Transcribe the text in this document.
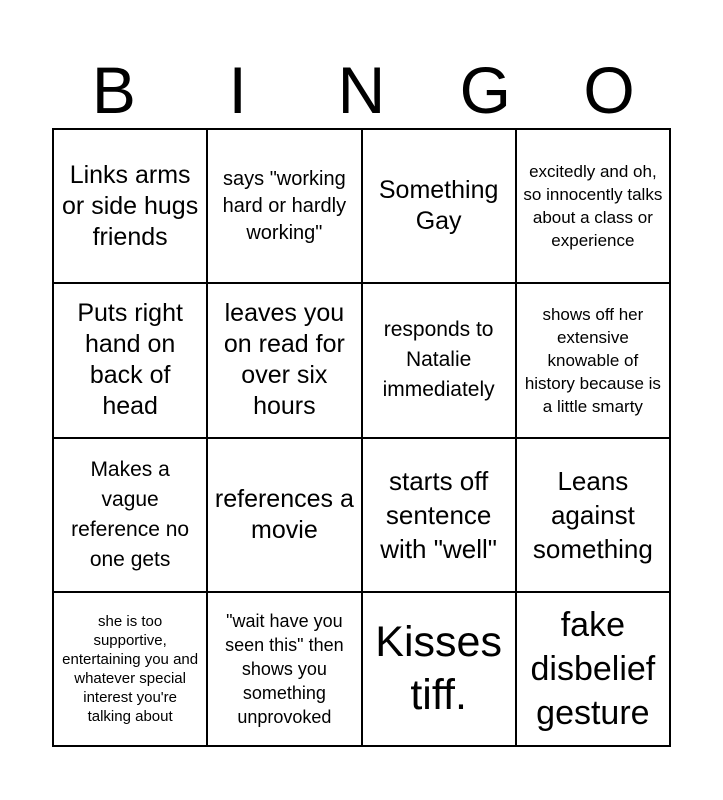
B	I	N	G	O
Links arms or side hugs friends
says "working hard or hardly working"
Something Gay
excitedly and oh, so innocently talks about a class or experience
Puts right hand on back of head
leaves you on read for over six hours
responds to Natalie immediately
shows off her extensive knowable of history because is a little smarty
Makes a vague reference no one gets
references a movie
starts off sentence with "well"
Leans against something
she is too supportive, entertaining you and whatever special interest you're talking about
"wait have you seen this" then shows you something unprovoked
Kisses tiff.
fake disbelief gesture
